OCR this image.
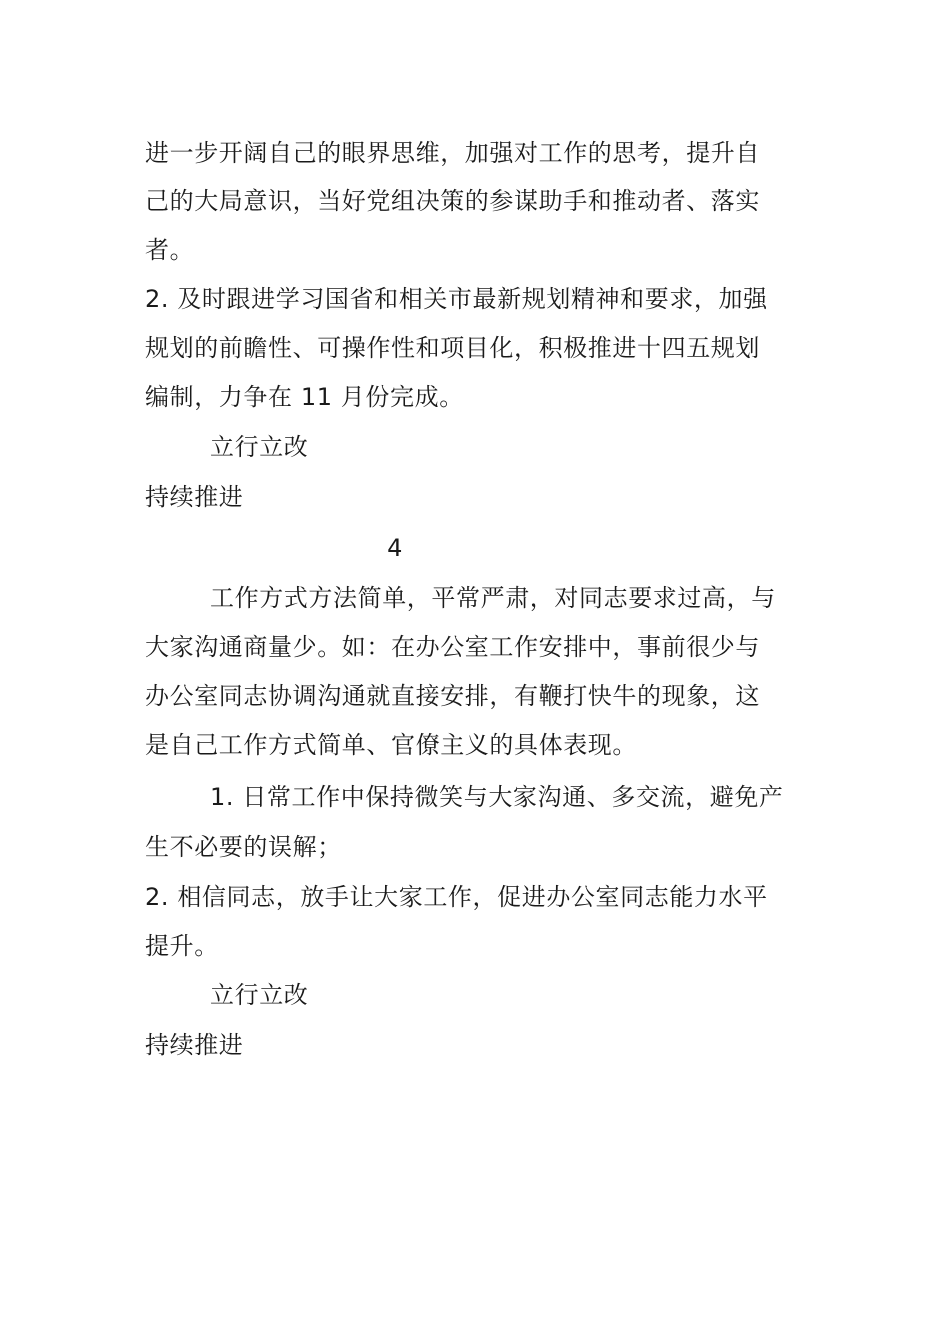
进一步开阔自己的眼界思维，加强对工作的思考，提升自
己的大局意识，当好党组决策的参谋助手和推动者、落实
者。
2. 及时跟进学习国省和相关市最新规划精神和要求，加强
规划的前瞻性、可操作性和项目化，积极推进十四五规划
编制，力争在 11 月份完成。
立行立改
持续推进
4
工作方式方法简单，平常严肃，对同志要求过高，与
大家沟通商量少。如：在办公室工作安排中，事前很少与
办公室同志协调沟通就直接安排，有鞭打快牛的现象，这
是自己工作方式简单、官僚主义的具体表现。
1. 日常工作中保持微笑与大家沟通、多交流，避免产
生不必要的误解；
2. 相信同志，放手让大家工作，促进办公室同志能力水平
提升。
立行立改
持续推进
